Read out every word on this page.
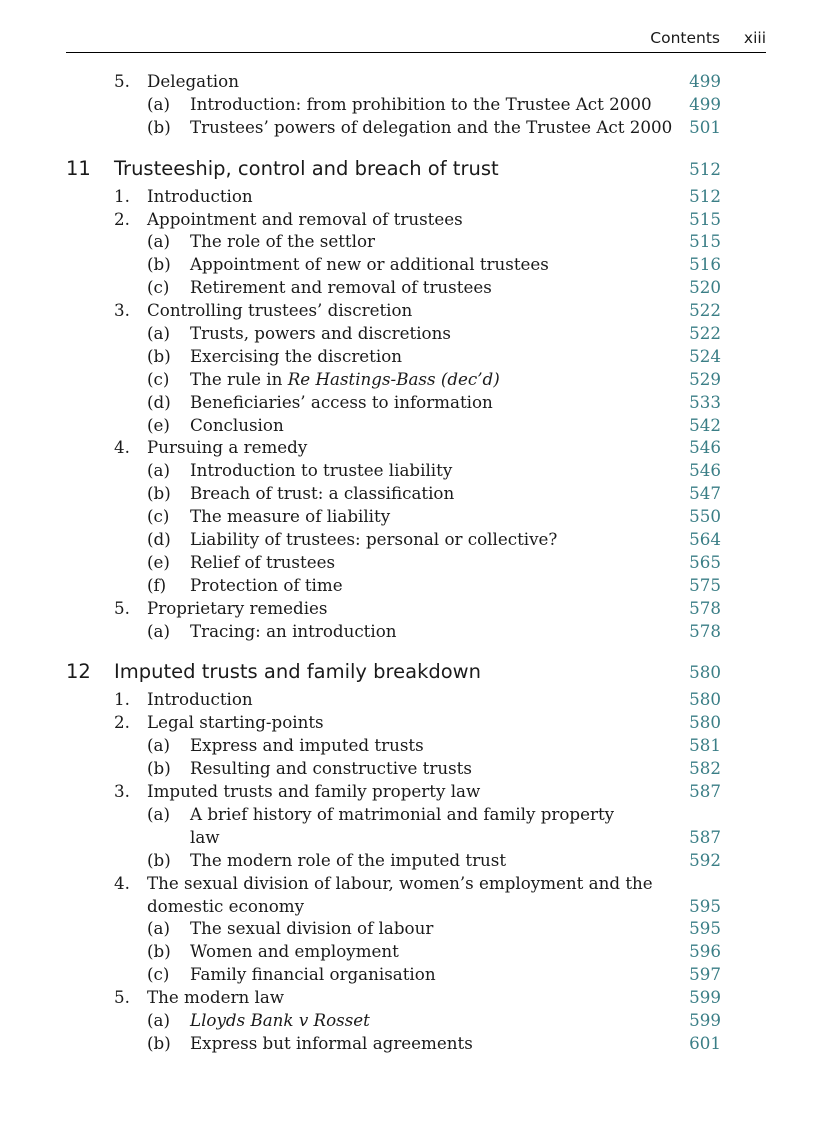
Contents xiii
5. Delegation	499
(a) Introduction: from prohibition to the Trustee Act 2000 499
(b) Trustees’ powers of delegation and the Trustee Act 2000 501
11 Trusteeship, control and breach of trust	512
1. Introduction	512
2. Appointment and removal of trustees	515
(a) The role of the settlor	515
(b) Appointment of new or additional trustees	516
(c) Retirement and removal of trustees	520
3. Controlling trustees’ discretion	522
(a) Trusts, powers and discretions	522
(b) Exercising the discretion	524
(c) The rule in Re Hastings-Bass (dec’d)	529
(d) Beneficiaries’ access to information	533
(e) Conclusion	542
4. Pursuing a remedy	546
(a) Introduction to trustee liability	546
(b) Breach of trust: a classification	547
(c) The measure of liability	550
(d) Liability of trustees: personal or collective?	564
(e) Relief of trustees	565
(f) Protection of time	575
5. Proprietary remedies	578
(a) Tracing: an introduction	578
12 Imputed trusts and family breakdown	580
1. Introduction	580
2. Legal starting-points	580
(a) Express and imputed trusts	581
(b) Resulting and constructive trusts	582
3. Imputed trusts and family property law	587
(a) A brief history of matrimonial and family property
law	587
(b) The modern role of the imputed trust	592
4. The sexual division of labour, women’s employment and the
domestic economy	595
(a) The sexual division of labour	595
(b) Women and employment	596
(c) Family financial organisation	597
5. The modern law	599
(a) Lloyds Bank v Rosset	599
(b) Express but informal agreements	601
